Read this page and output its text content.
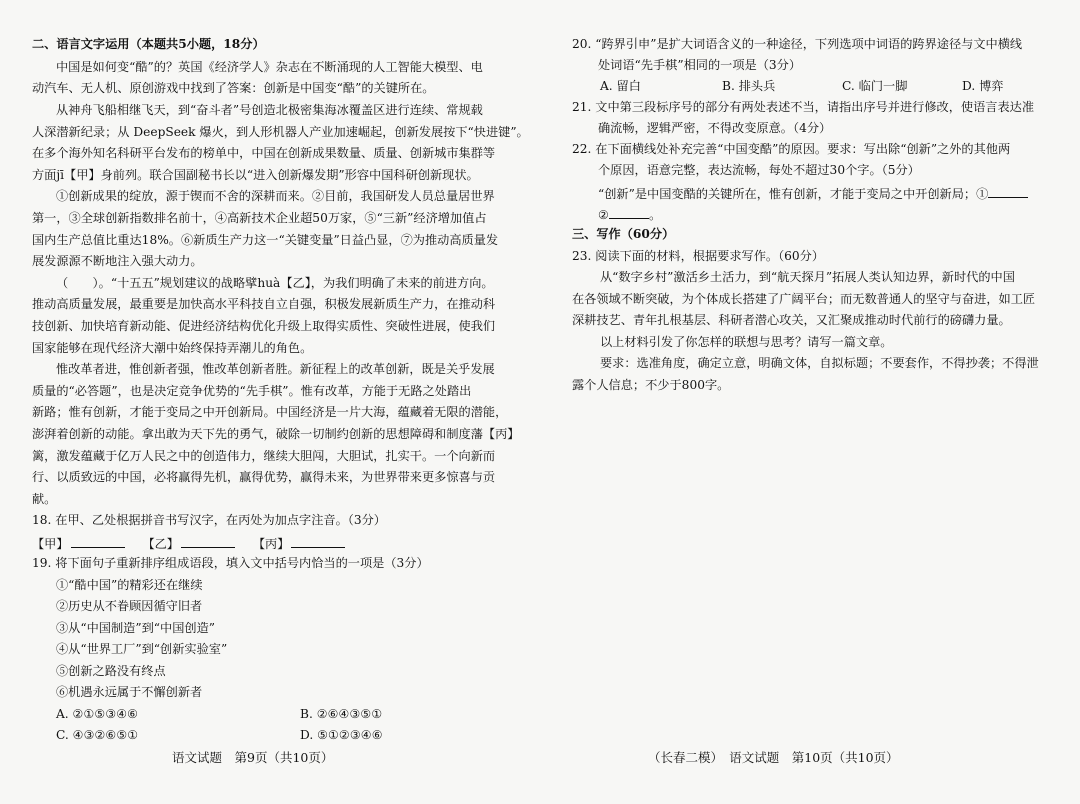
二、语言文字运用（本题共5小题，18分）
中国是如何变“酷”的？英国《经济学人》杂志在不断涌现的人工智能大模型、电
动汽车、无人机、原创游戏中找到了答案：创新是中国变“酷”的关键所在。
从神舟飞船相继飞天，到“奋斗者”号创造北极密集海冰覆盖区进行连续、常规载
人深潜新纪录；从 DeepSeek 爆火，到人形机器人产业加速崛起，创新发展按下“快进键”。
在多个海外知名科研平台发布的榜单中，中国在创新成果数量、质量、创新城市集群等
方面jī【甲】身前列。联合国副秘书长以“进入创新爆发期”形容中国科研创新现状。
①创新成果的绽放，源于锲而不舍的深耕而来。②目前，我国研发人员总量居世界
第一，③全球创新指数排名前十，④高新技术企业超50万家，⑤“三新”经济增加值占
国内生产总值比重达18%。⑥新质生产力这一“关键变量”日益凸显，⑦为推动高质量发
展发源源不断地注入强大动力。
（　　）。“十五五”规划建议的战略擘huà【乙】，为我们明确了未来的前进方向。
推动高质量发展，最重要是加快高水平科技自立自强，积极发展新质生产力，在推动科
技创新、加快培育新动能、促进经济结构优化升级上取得实质性、突破性进展，使我们
国家能够在现代经济大潮中始终保持弄潮儿的角色。
惟改革者进，惟创新者强，惟改革创新者胜。新征程上的改革创新，既是关乎发展
质量的“必答题”，也是决定竞争优势的“先手棋”。惟有改革，方能于无路之处踏出
新路；惟有创新，才能于变局之中开创新局。中国经济是一片大海，蕴藏着无限的潜能，
澎湃着创新的动能。拿出敢为天下先的勇气，破除一切制约创新的思想障碍和制度藩【丙】
篱，激发蕴藏于亿万人民之中的创造伟力，继续大胆闯，大胆试，扎实干。一个向新而
行、以质致远的中国，必将赢得先机，赢得优势，赢得未来，为世界带来更多惊喜与贡
献。
18. 在甲、乙处根据拼音书写汉字，在丙处为加点字注音。（3分）
【甲】	【乙】	【丙】
19. 将下面句子重新排序组成语段，填入文中括号内恰当的一项是（3分）
①“酷中国”的精彩还在继续
②历史从不眷顾因循守旧者
③从“中国制造”到“中国创造”
④从“世界工厂”到“创新实验室”
⑤创新之路没有终点
⑥机遇永远属于不懈创新者
A. ②①⑤③④⑥	B. ②⑥④③⑤①
C. ④③②⑥⑤①	D. ⑤①②③④⑥
语文试题　第9页（共10页）
20. “跨界引申”是扩大词语含义的一种途径，下列选项中词语的跨界途径与文中横线
处词语“先手棋”相同的一项是（3分）
A. 留白	B. 排头兵	C. 临门一脚	D. 博弈
21. 文中第三段标序号的部分有两处表述不当，请指出序号并进行修改，使语言表达准
确流畅，逻辑严密，不得改变原意。（4分）
22. 在下面横线处补充完善“中国变酷”的原因。要求：写出除“创新”之外的其他两
个原因，语意完整，表达流畅，每处不超过30个字。（5分）
“创新”是中国变酷的关键所在，惟有创新，才能于变局之中开创新局；①
②	。
三、写作（60分）
23. 阅读下面的材料，根据要求写作。（60分）
从“数字乡村”激活乡土活力，到“航天探月”拓展人类认知边界，新时代的中国
在各领域不断突破，为个体成长搭建了广阔平台；而无数普通人的坚守与奋进，如工匠
深耕技艺、青年扎根基层、科研者潜心攻关，又汇聚成推动时代前行的磅礴力量。
以上材料引发了你怎样的联想与思考？请写一篇文章。
要求：选准角度，确定立意，明确文体，自拟标题；不要套作，不得抄袭；不得泄
露个人信息；不少于800字。
（长春二模）　语文试题　第10页（共10页）
